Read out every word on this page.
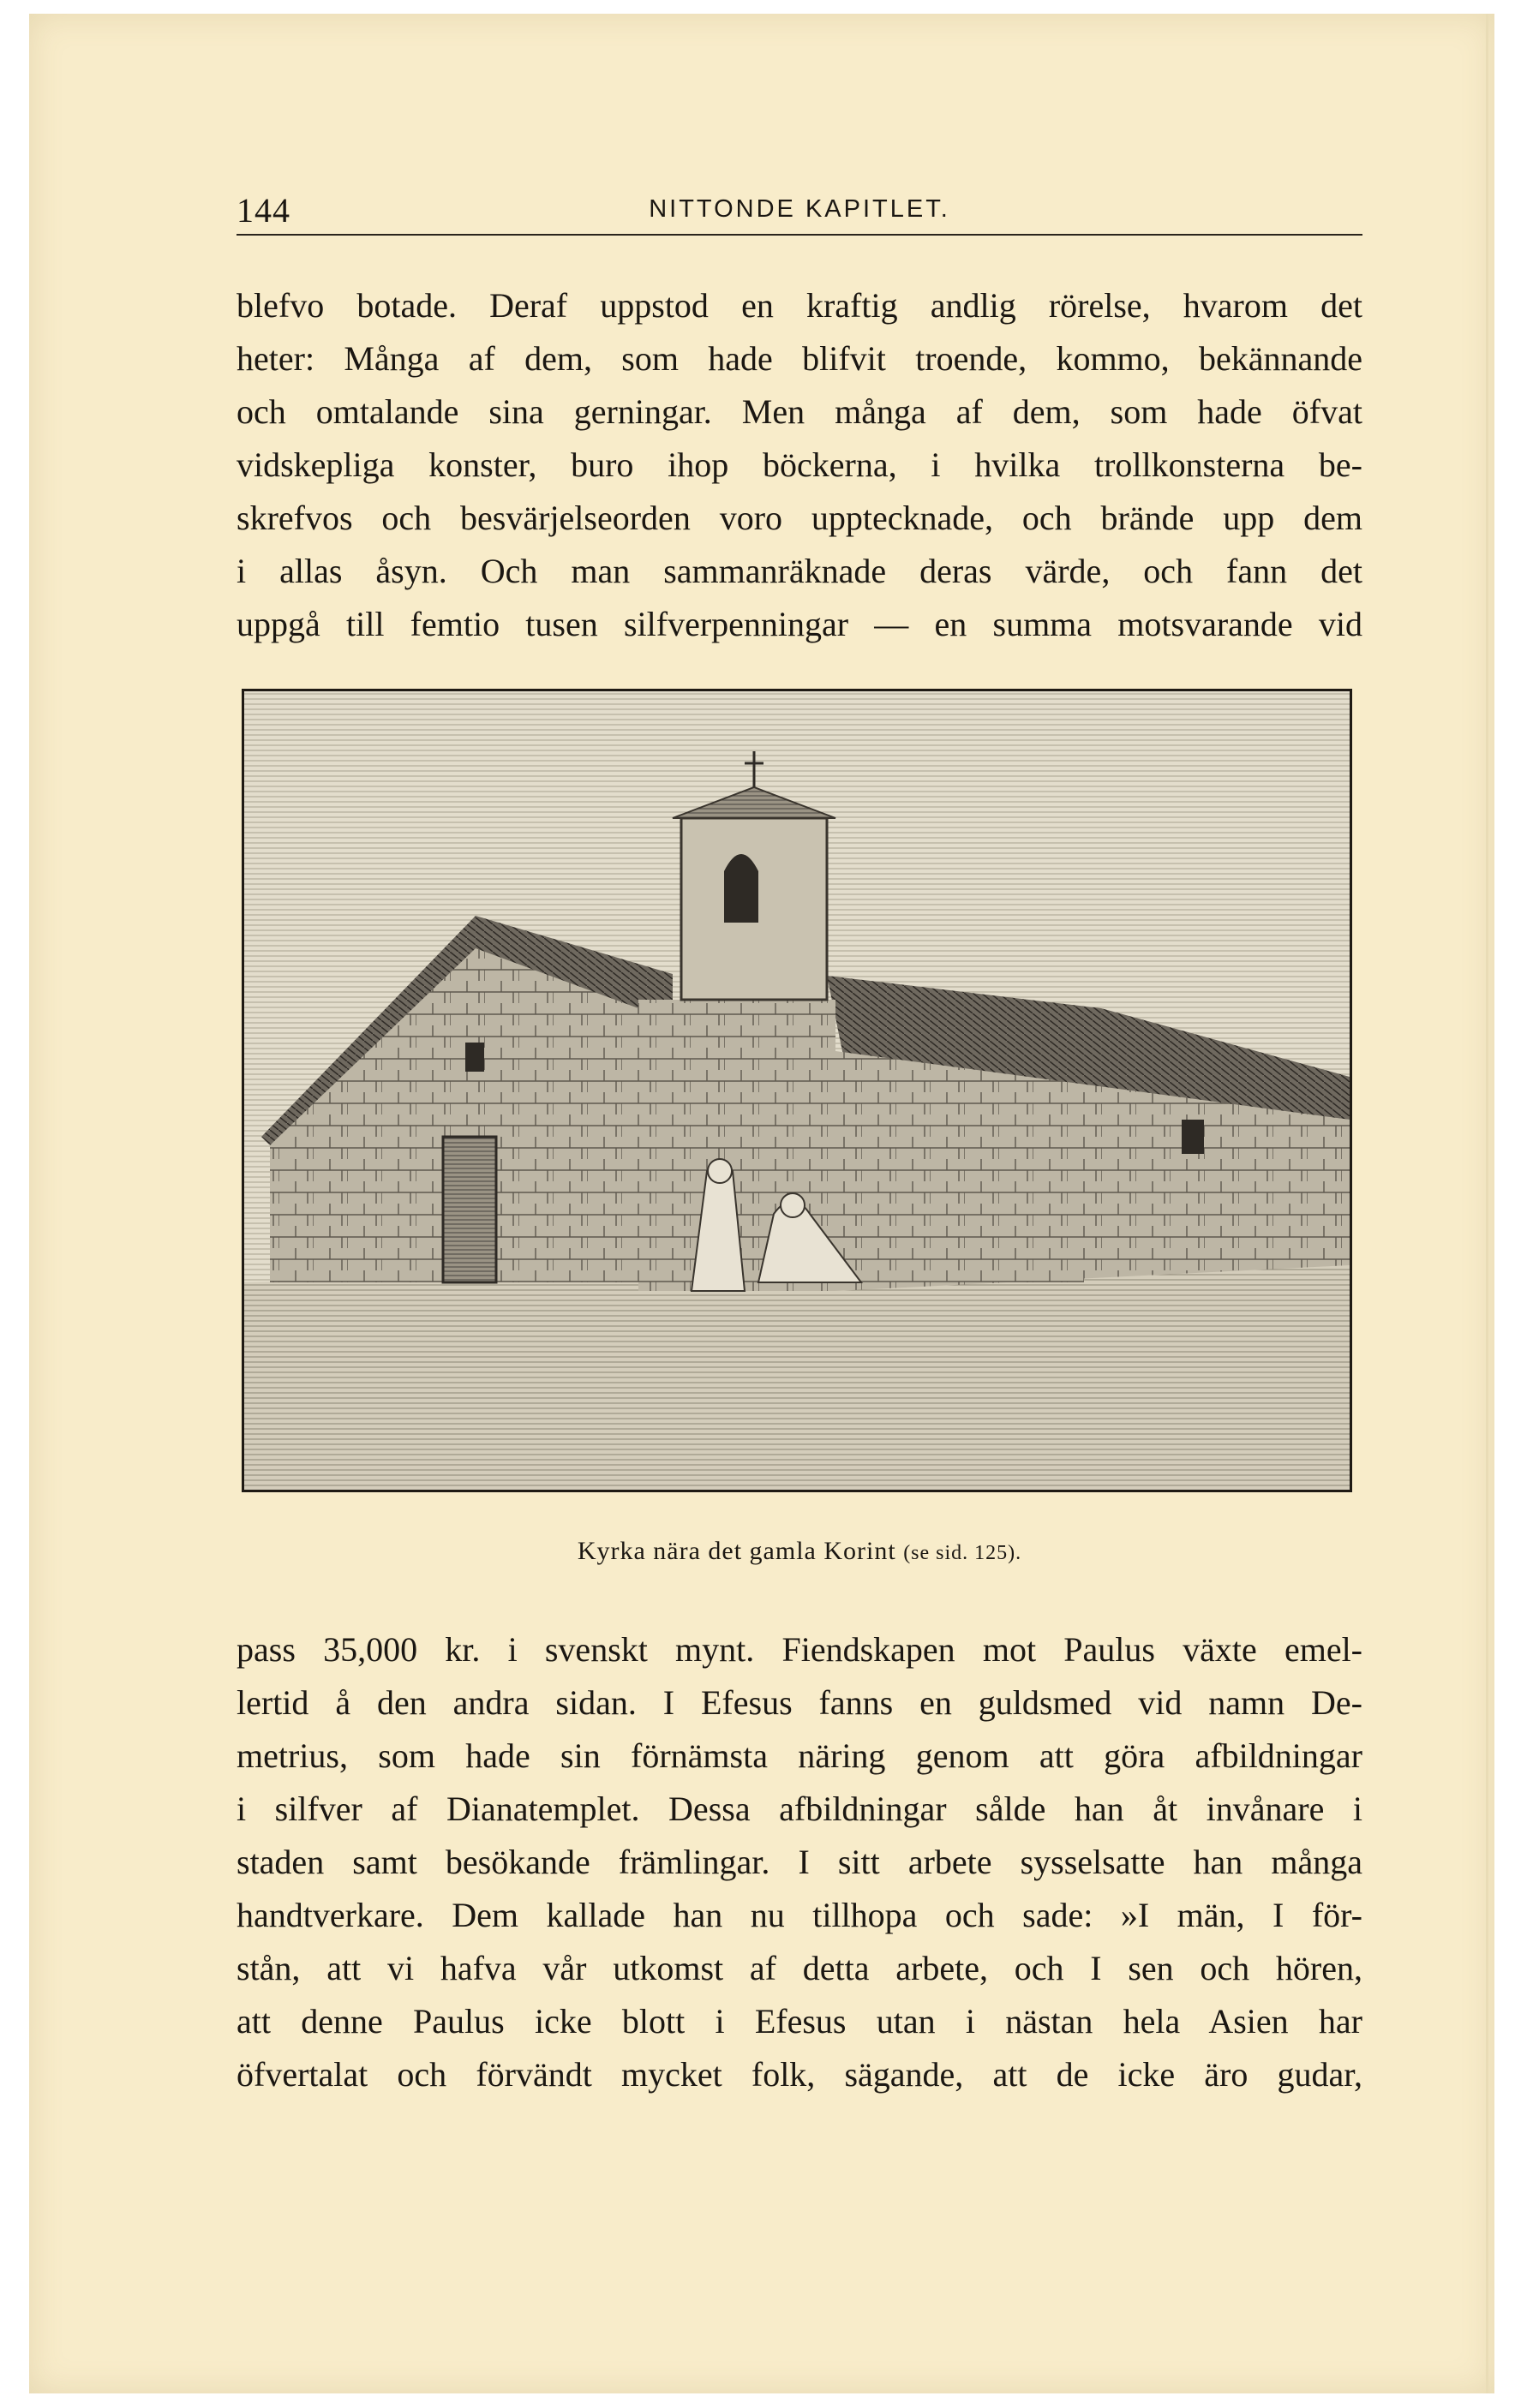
144	NITTONDE KAPITLET.
blefvo botade. Deraf uppstod en kraftig andlig rörelse, hvarom det
heter: Många af dem, som hade blifvit troende, kommo, bekännande
och omtalande sina gerningar. Men många af dem, som hade öfvat
vidskepliga konster, buro ihop böckerna, i hvilka trollkonsterna be-
skrefvos och besvärjelseorden voro upptecknade, och brände upp dem
i allas åsyn. Och man sammanräknade deras värde, och fann det
uppgå till femtio tusen silfverpenningar — en summa motsvarande vid
Kyrka nära det gamla Korint (se sid. 125).
pass 35,000 kr. i svenskt mynt. Fiendskapen mot Paulus växte emel-
lertid å den andra sidan. I Efesus fanns en guldsmed vid namn De-
metrius, som hade sin förnämsta näring genom att göra afbildningar
i silfver af Dianatemplet. Dessa afbildningar sålde han åt invånare i
staden samt besökande främlingar. I sitt arbete sysselsatte han många
handtverkare. Dem kallade han nu tillhopa och sade: »I män, I för-
stån, att vi hafva vår utkomst af detta arbete, och I sen och hören,
att denne Paulus icke blott i Efesus utan i nästan hela Asien har
öfvertalat och förvändt mycket folk, sägande, att de icke äro gudar,
